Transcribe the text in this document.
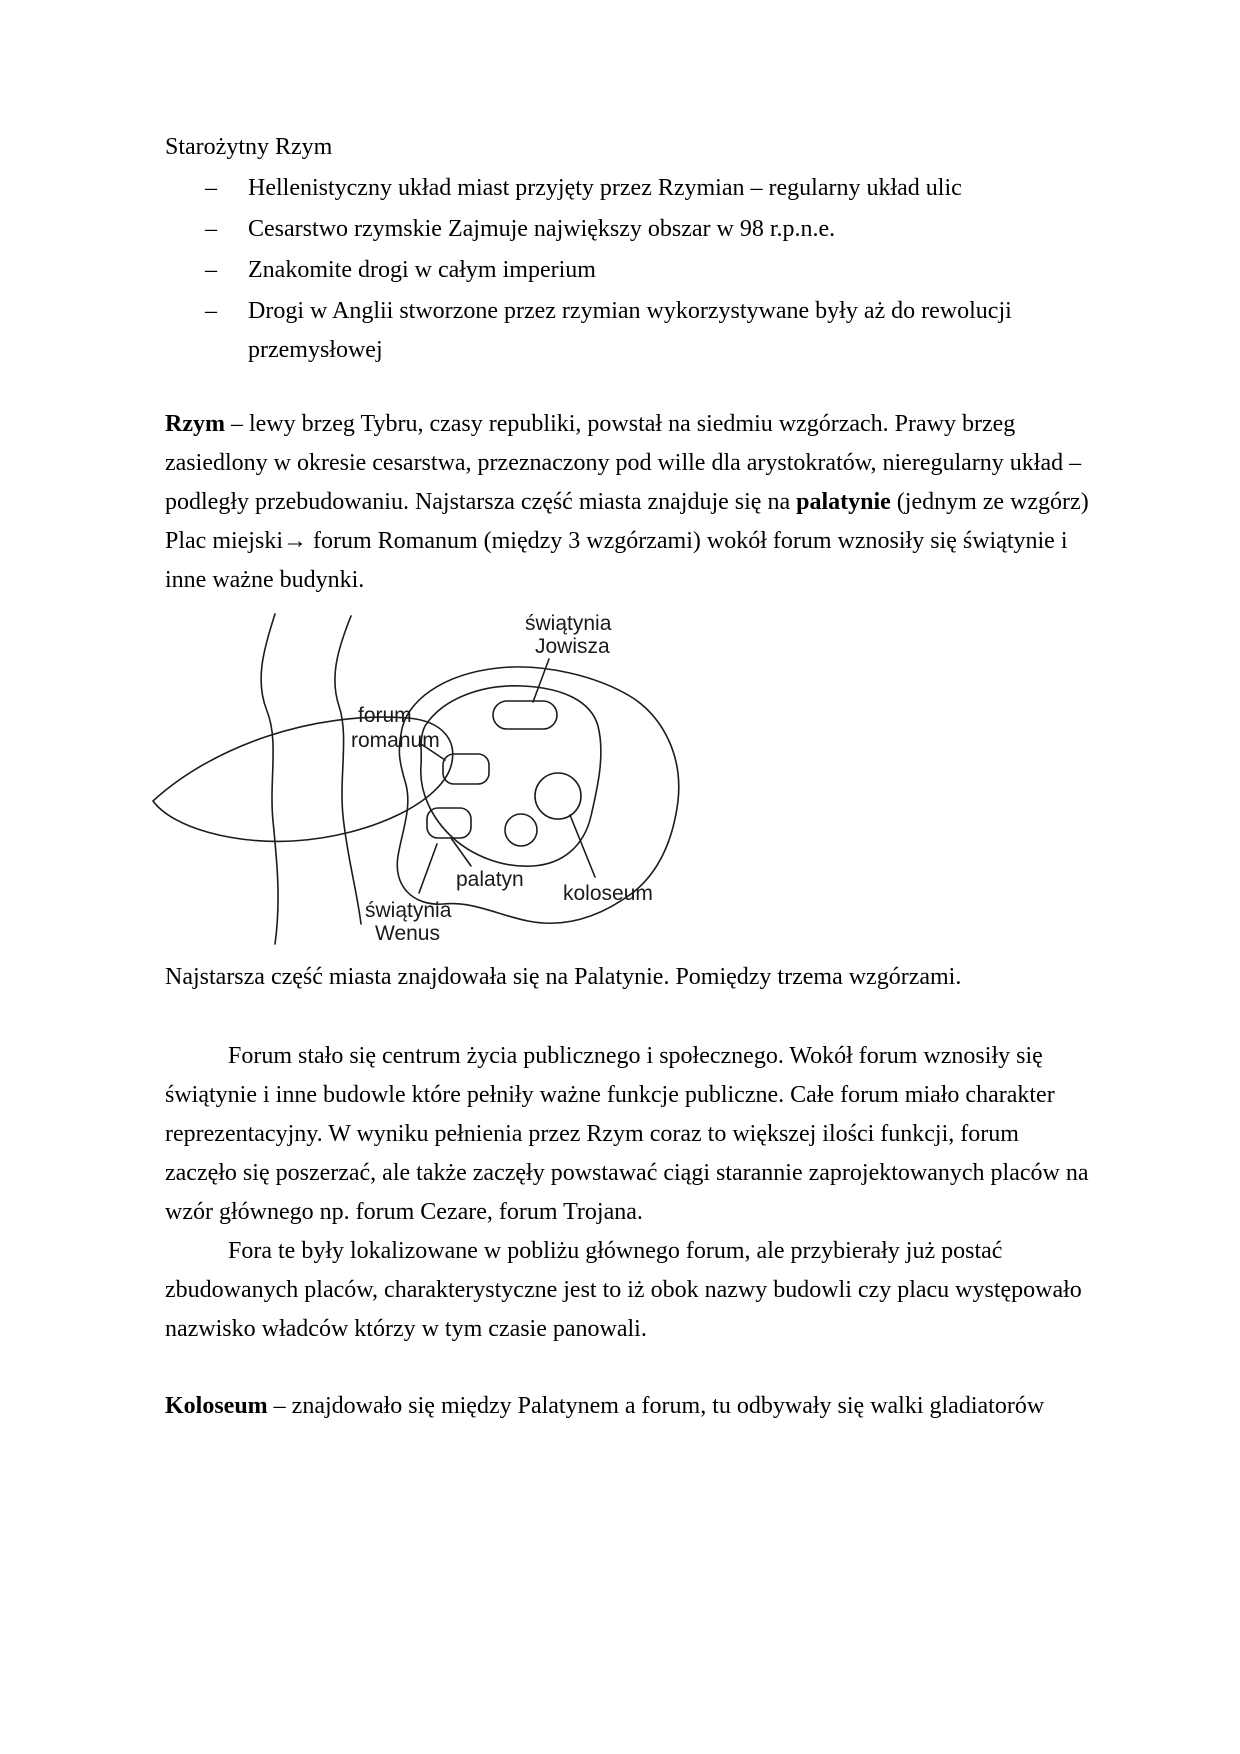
Starożytny Rzym
– Hellenistyczny układ miast przyjęty przez Rzymian – regularny układ ulic
– Cesarstwo rzymskie Zajmuje największy obszar w 98 r.p.n.e.
– Znakomite drogi w całym imperium
– Drogi w Anglii stworzone przez rzymian wykorzystywane były aż do rewolucji przemysłowej

Rzym – lewy brzeg Tybru, czasy republiki, powstał na siedmiu wzgórzach. Prawy brzeg zasiedlony w okresie cesarstwa, przeznaczony pod wille dla arystokratów, nieregularny układ – podległy przebudowaniu. Najstarsza część miasta znajduje się na palatynie (jednym ze wzgórz) Plac miejski→ forum Romanum (między 3 wzgórzami) wokół forum wznosiły się świątynie i inne ważne budynki.

świątynia
Jowisza
forum
romanum
palatyn
koloseum
świątynia
Wenus

Najstarsza część miasta znajdowała się na Palatynie. Pomiędzy trzema wzgórzami.

Forum stało się centrum życia publicznego i społecznego. Wokół forum wznosiły się świątynie i inne budowle które pełniły ważne funkcje publiczne. Całe forum miało charakter reprezentacyjny. W wyniku pełnienia przez Rzym coraz to większej ilości funkcji, forum zaczęło się poszerzać, ale także zaczęły powstawać ciągi starannie zaprojektowanych placów na wzór głównego np. forum Cezare, forum Trojana.

Fora te były lokalizowane w pobliżu głównego forum, ale przybierały już postać zbudowanych placów, charakterystyczne jest to iż obok nazwy budowli czy placu występowało nazwisko władców którzy w tym czasie panowali.

Koloseum – znajdowało się między Palatynem a forum, tu odbywały się walki gladiatorów
